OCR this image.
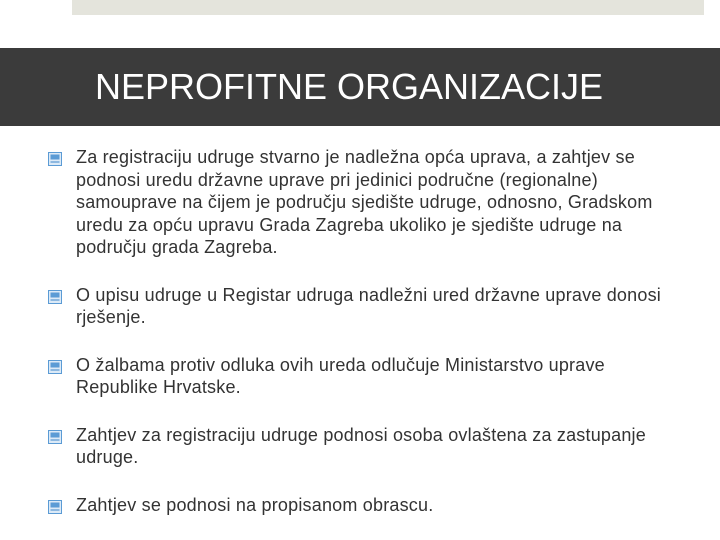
NEPROFITNE ORGANIZACIJE
Za registraciju udruge stvarno je nadležna opća uprava, a zahtjev se podnosi uredu državne uprave pri jedinici područne (regionalne) samouprave na čijem je području sjedište udruge, odnosno, Gradskom uredu za opću upravu Grada Zagreba ukoliko je sjedište udruge na području grada Zagreba.
O upisu udruge u Registar udruga nadležni ured državne uprave donosi rješenje.
O žalbama protiv odluka ovih ureda odlučuje Ministarstvo uprave Republike Hrvatske.
Zahtjev za registraciju udruge podnosi osoba ovlaštena za zastupanje udruge.
Zahtjev se podnosi na propisanom obrascu.
